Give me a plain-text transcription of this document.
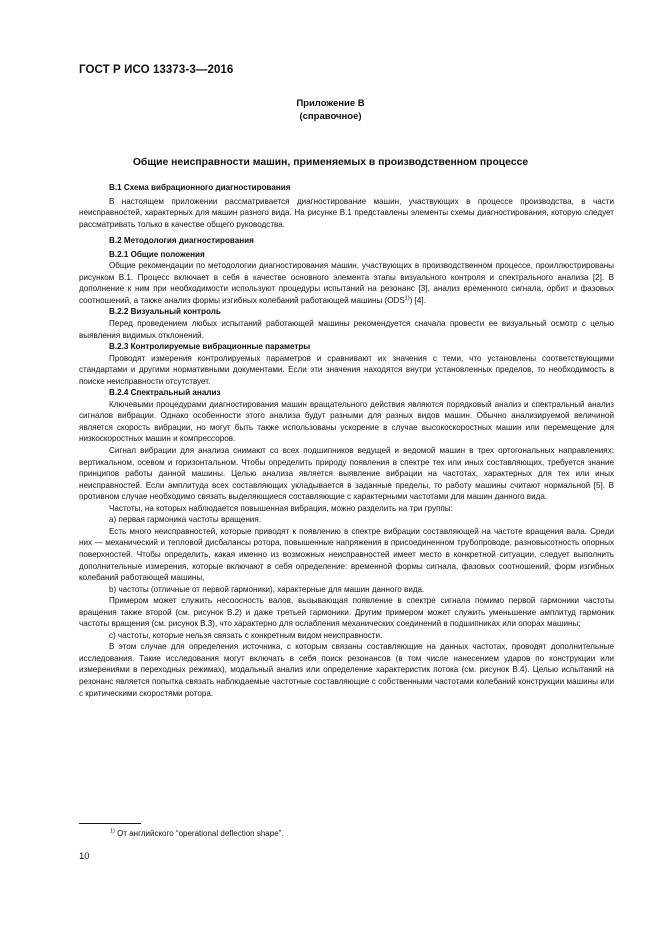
ГОСТ Р ИСО 13373-3—2016
Приложение В
(справочное)
Общие неисправности машин, применяемых в производственном процессе
В.1 Схема вибрационного диагностирования

В настоящем приложении рассматривается диагностирование машин, участвующих в процессе производства, в части неисправностей, характерных для машин разного вида. На рисунке В.1 представлены элементы схемы диагностирования, которую следует рассматривать только в качестве общего руководства.

В.2 Методология диагностирования
В.2.1 Общие положения

Общие рекомендации по методологии диагностирования машин, участвующих в производственном процессе, проиллюстрированы рисунком В.1. Процесс включает в себя в качестве основного элемента этапы визуального контроля и спектрального анализа [2]. В дополнение к ним при необходимости используют процедуры испытаний на резонанс [3], анализ временного сигнала, орбит и фазовых соотношений, а также анализ формы изгибных колебаний работающей машины (ODS$^{1)}$) [4].

В.2.2 Визуальный контроль

Перед проведением любых испытаний работающей машины рекомендуется сначала провести ее визуальный осмотр с целью выявления видимых отклонений.

В.2.3 Контролируемые вибрационные параметры

Проводят измерения контролируемых параметров и сравнивают их значения с теми, что установлены соответствующими стандартами и другими нормативными документами. Если эти значения находятся внутри установленных пределов, то необходимость в поиске неисправности отсутствует.

В.2.4 Спектральный анализ

Ключевыми процедурами диагностирования машин вращательного действия являются порядковый анализ и спектральный анализ сигналов вибрации. Однако особенности этого анализа будут разными для разных видов машин. Обычно анализируемой величиной является скорость вибрации, но могут быть также использованы ускорение в случае высокоскоростных машин или перемещение для низкоскоростных машин и компрессоров.

Сигнал вибрации для анализа снимают со всех подшипников ведущей и ведомой машин в трех ортогональных направлениях: вертикальном, осевом и горизонтальном. Чтобы определить природу появления в спектре тех или иных составляющих, требуется знание принципов работы данной машины. Целью анализа является выявление вибрации на частотах, характерных для тех или иных неисправностей. Если амплитуда всех составляющих укладывается в заданные пределы, то работу машины считают нормальной [5]. В противном случае необходимо связать выделяющиеся составляющие с характерными частотами для машин данного вида.

Частоты, на которых наблюдается повышенная вибрация, можно разделить на три группы:

а) первая гармоника частоты вращения.

Есть много неисправностей, которые приводят к появлению в спектре вибрации составляющей на частоте вращения вала. Среди них — механический и тепловой дисбалансы ротора, повышенные напряжения в присоединенном трубопроводе, разновысотность опорных поверхностей. Чтобы определить, какая именно из возможных неисправностей имеет место в конкретной ситуации, следует выполнить дополнительные измерения, которые включают в себя определение: временной формы сигнала, фазовых соотношений, форм изгибных колебаний работающей машины,

b) частоты (отличные от первой гармоники), характерные для машин данного вида.

Примером может служить несоосность валов, вызывающая появление в спектре сигнала помимо первой гармоники частоты вращения также второй (см. рисунок В.2) и даже третьей гармоники. Другим примером может служить уменьшение амплитуд гармоник частоты вращения (см. рисунок В.3), что характерно для ослабления механических соединений в подшипниках или опорах машины;

с) частоты, которые нельзя связать с конкретным видом неисправности.

В этом случае для определения источника, с которым связаны составляющие на данных частотах, проводят дополнительные исследования. Такие исследования могут включать в себя поиск резонансов (в том числе нанесением ударов по конструкции или измерениями в переходных режимах), модальный анализ или определение характеристик потока (см. рисунок В.4). Целью испытаний на резонанс является попытка связать наблюдаемые частотные составляющие с собственными частотами колебаний конструкции машины или с критическими скоростями ротора.

$^{1)}$ От английского “operational deflection shape”.
10
